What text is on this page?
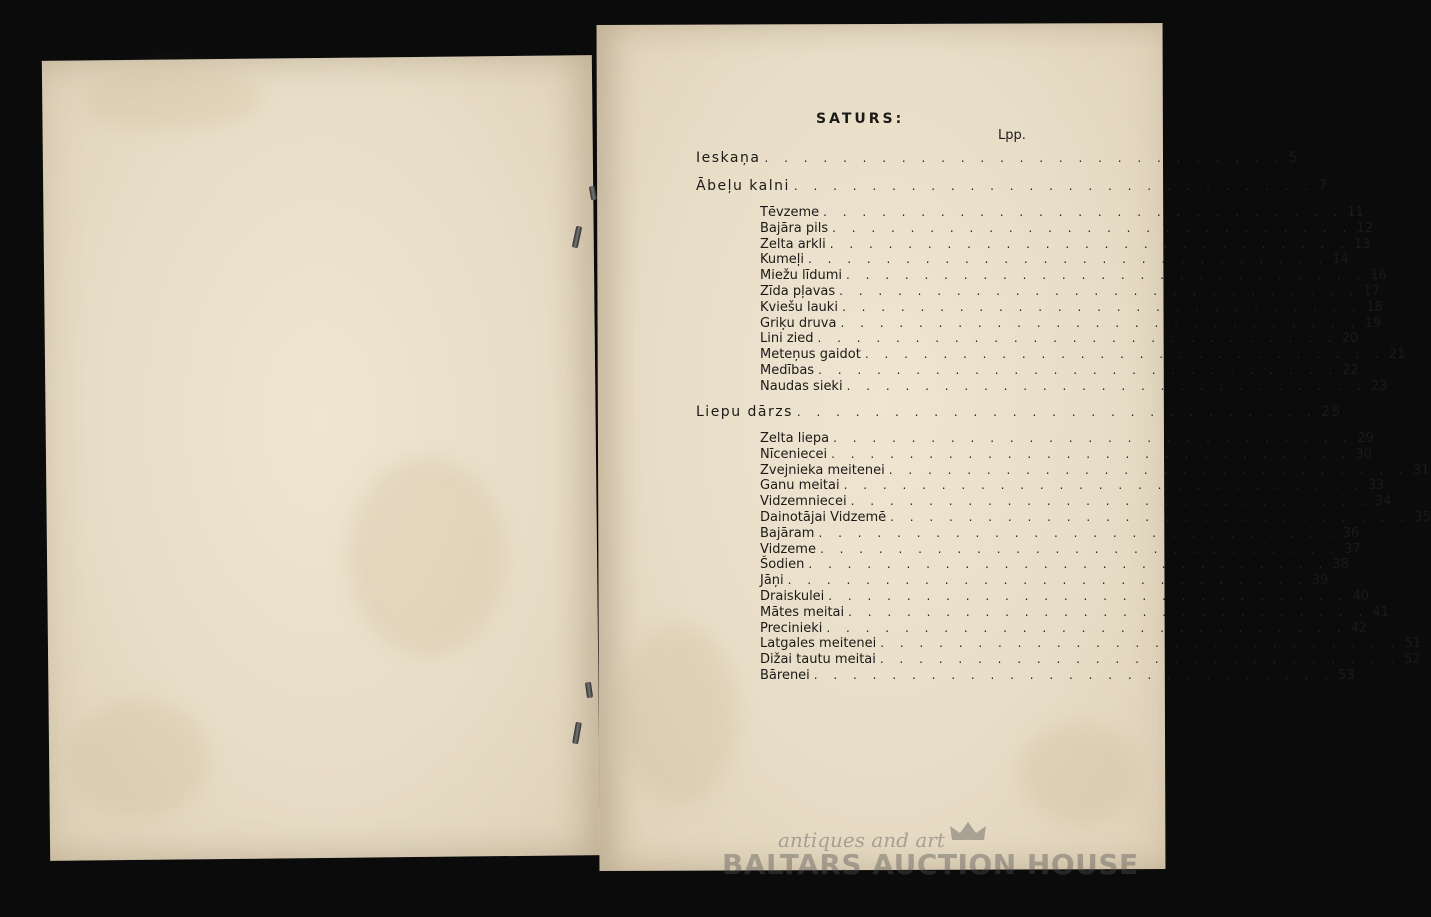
SATURS:
Lpp.
Ieskaņa . . . . . . . . . . . . . . . . . . . . . . . . . . . 5
Ābeļu kalni . . . . . . . . . . . . . . . . . . . . . . . . . . . 7
Tēvzeme . . . . . . . . . . . . . . . . . . . . . . . . . . . 11
Bajāra pils . . . . . . . . . . . . . . . . . . . . . . . . . . . 12
Zelta arkli . . . . . . . . . . . . . . . . . . . . . . . . . . . 13
Kumeļi . . . . . . . . . . . . . . . . . . . . . . . . . . . 14
Miežu līdumi . . . . . . . . . . . . . . . . . . . . . . . . . . . 16
Zīda pļavas . . . . . . . . . . . . . . . . . . . . . . . . . . . 17
Kviešu lauki . . . . . . . . . . . . . . . . . . . . . . . . . . . 18
Griķu druva . . . . . . . . . . . . . . . . . . . . . . . . . . . 19
Lini zied . . . . . . . . . . . . . . . . . . . . . . . . . . . 20
Meteņus gaidot . . . . . . . . . . . . . . . . . . . . . . . . . . . 21
Medības . . . . . . . . . . . . . . . . . . . . . . . . . . . 22
Naudas sieki . . . . . . . . . . . . . . . . . . . . . . . . . . . 23
Liepu dārzs . . . . . . . . . . . . . . . . . . . . . . . . . . . 25
Zelta liepa . . . . . . . . . . . . . . . . . . . . . . . . . . . 29
Nīceniecei . . . . . . . . . . . . . . . . . . . . . . . . . . . 30
Zvejnieka meitenei . . . . . . . . . . . . . . . . . . . . . . . . . . . 31
Ganu meitai . . . . . . . . . . . . . . . . . . . . . . . . . . . 33
Vidzemniecei . . . . . . . . . . . . . . . . . . . . . . . . . . . 34
Dainotājai Vidzemē . . . . . . . . . . . . . . . . . . . . . . . . . . . 35
Bajāram . . . . . . . . . . . . . . . . . . . . . . . . . . . 36
Vidzeme . . . . . . . . . . . . . . . . . . . . . . . . . . . 37
Šodien . . . . . . . . . . . . . . . . . . . . . . . . . . . 38
Jāņi . . . . . . . . . . . . . . . . . . . . . . . . . . . 39
Draiskulei . . . . . . . . . . . . . . . . . . . . . . . . . . . 40
Mātes meitai . . . . . . . . . . . . . . . . . . . . . . . . . . . 41
Precinieki . . . . . . . . . . . . . . . . . . . . . . . . . . . 42
Latgales meitenei . . . . . . . . . . . . . . . . . . . . . . . . . . . 51
Dižai tautu meitai . . . . . . . . . . . . . . . . . . . . . . . . . . . 52
Bārenei . . . . . . . . . . . . . . . . . . . . . . . . . . . 53
antiques and art
BALTARS AUCTION HOUSE
